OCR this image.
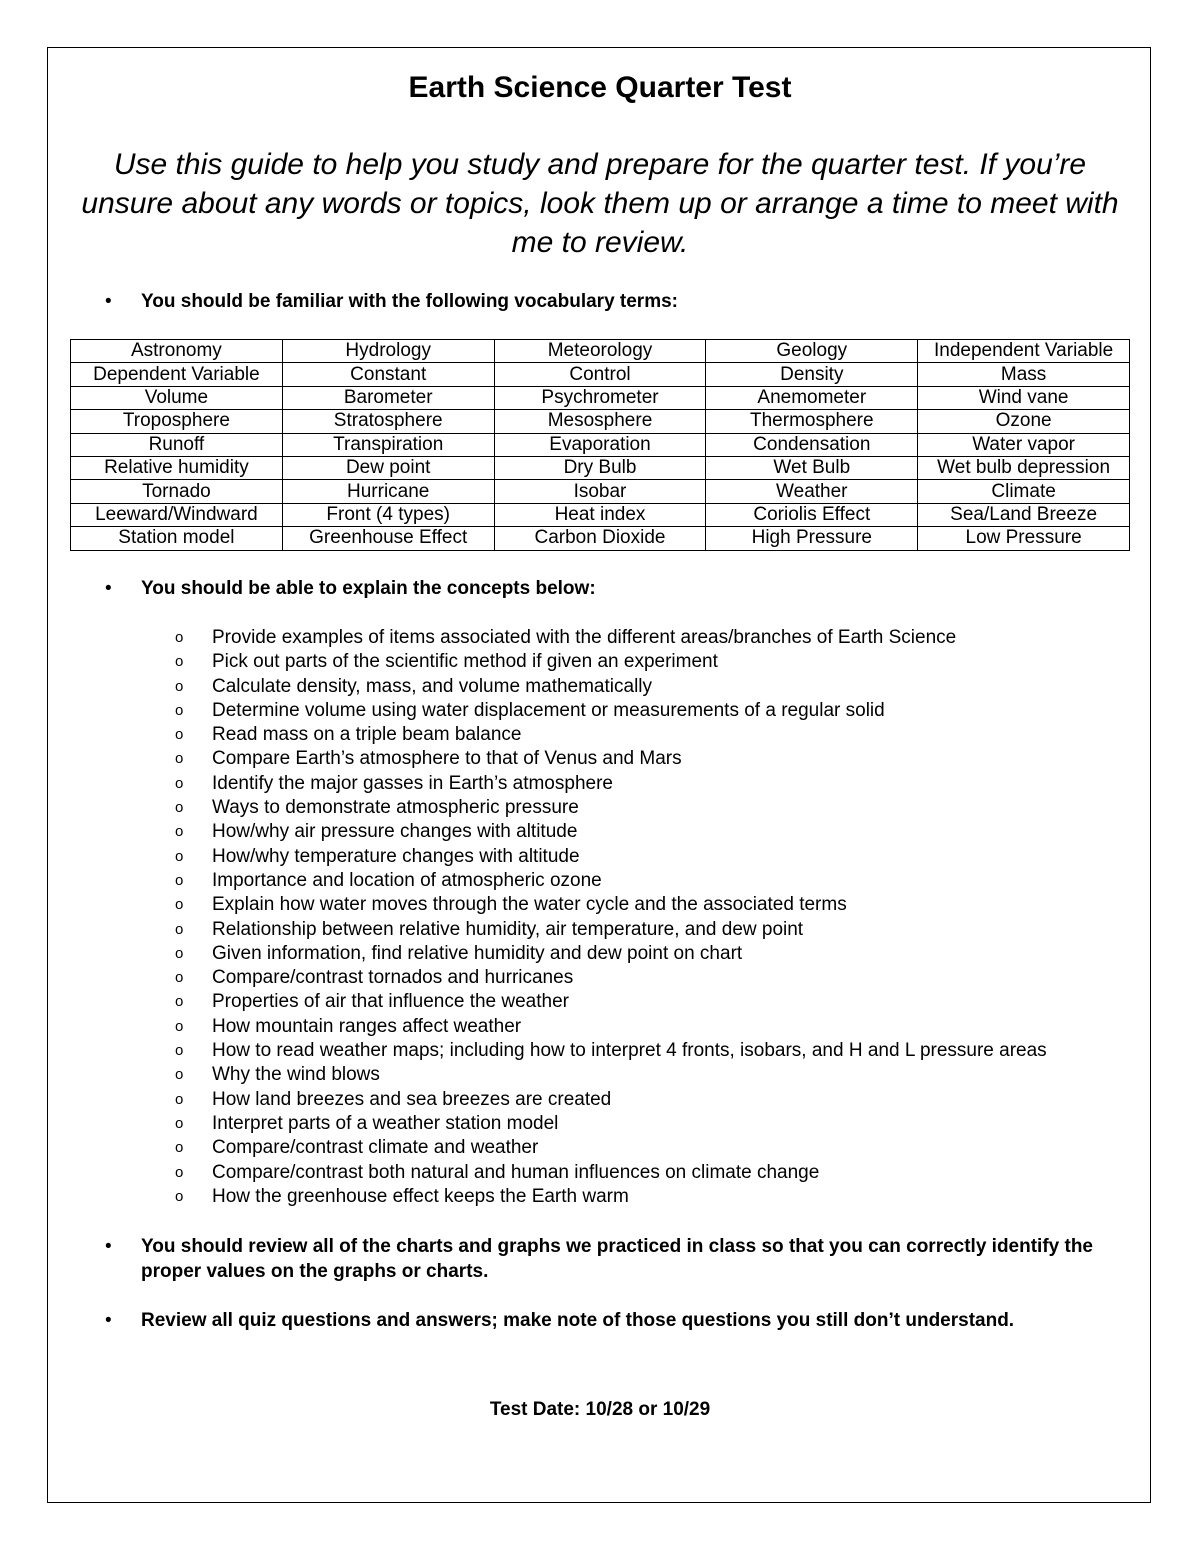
Earth Science Quarter Test
Use this guide to help you study and prepare for the quarter test. If you’re unsure about any words or topics, look them up or arrange a time to meet with me to review.
• You should be familiar with the following vocabulary terms:
Astronomy	Hydrology	Meteorology	Geology	Independent Variable
Dependent Variable	Constant	Control	Density	Mass
Volume	Barometer	Psychrometer	Anemometer	Wind vane
Troposphere	Stratosphere	Mesosphere	Thermosphere	Ozone
Runoff	Transpiration	Evaporation	Condensation	Water vapor
Relative humidity	Dew point	Dry Bulb	Wet Bulb	Wet bulb depression
Tornado	Hurricane	Isobar	Weather	Climate
Leeward/Windward	Front (4 types)	Heat index	Coriolis Effect	Sea/Land Breeze
Station model	Greenhouse Effect	Carbon Dioxide	High Pressure	Low Pressure
• You should be able to explain the concepts below:
o Provide examples of items associated with the different areas/branches of Earth Science
o Pick out parts of the scientific method if given an experiment
o Calculate density, mass, and volume mathematically
o Determine volume using water displacement or measurements of a regular solid
o Read mass on a triple beam balance
o Compare Earth’s atmosphere to that of Venus and Mars
o Identify the major gasses in Earth’s atmosphere
o Ways to demonstrate atmospheric pressure
o How/why air pressure changes with altitude
o How/why temperature changes with altitude
o Importance and location of atmospheric ozone
o Explain how water moves through the water cycle and the associated terms
o Relationship between relative humidity, air temperature, and dew point
o Given information, find relative humidity and dew point on chart
o Compare/contrast tornados and hurricanes
o Properties of air that influence the weather
o How mountain ranges affect weather
o How to read weather maps; including how to interpret 4 fronts, isobars, and H and L pressure areas
o Why the wind blows
o How land breezes and sea breezes are created
o Interpret parts of a weather station model
o Compare/contrast climate and weather
o Compare/contrast both natural and human influences on climate change
o How the greenhouse effect keeps the Earth warm
• You should review all of the charts and graphs we practiced in class so that you can correctly identify the proper values on the graphs or charts.
• Review all quiz questions and answers; make note of those questions you still don’t understand.
Test Date: 10/28 or 10/29
